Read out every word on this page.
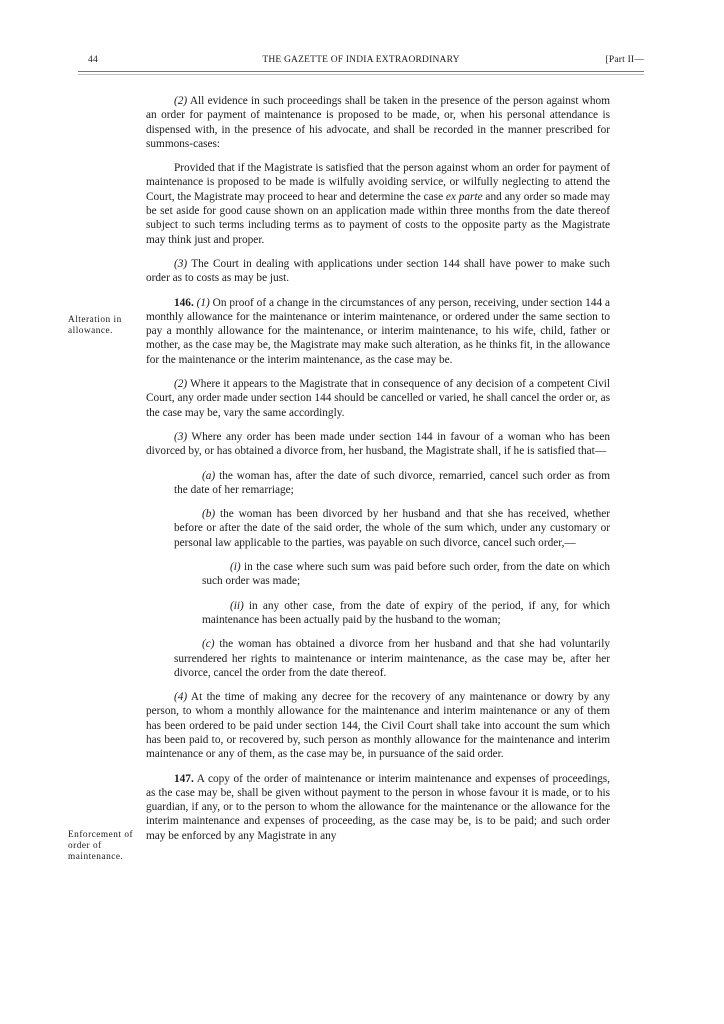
44	THE GAZETTE OF INDIA EXTRAORDINARY	[Part II—
Alteration in allowance.
Enforcement of order of maintenance.

(2) All evidence in such proceedings shall be taken in the presence of the person against whom an order for payment of maintenance is proposed to be made, or, when his personal attendance is dispensed with, in the presence of his advocate, and shall be recorded in the manner prescribed for summons-cases:

Provided that if the Magistrate is satisfied that the person against whom an order for payment of maintenance is proposed to be made is wilfully avoiding service, or wilfully neglecting to attend the Court, the Magistrate may proceed to hear and determine the case ex parte and any order so made may be set aside for good cause shown on an application made within three months from the date thereof subject to such terms including terms as to payment of costs to the opposite party as the Magistrate may think just and proper.

(3) The Court in dealing with applications under section 144 shall have power to make such order as to costs as may be just.

146. (1) On proof of a change in the circumstances of any person, receiving, under section 144 a monthly allowance for the maintenance or interim maintenance, or ordered under the same section to pay a monthly allowance for the maintenance, or interim maintenance, to his wife, child, father or mother, as the case may be, the Magistrate may make such alteration, as he thinks fit, in the allowance for the maintenance or the interim maintenance, as the case may be.

(2) Where it appears to the Magistrate that in consequence of any decision of a competent Civil Court, any order made under section 144 should be cancelled or varied, he shall cancel the order or, as the case may be, vary the same accordingly.

(3) Where any order has been made under section 144 in favour of a woman who has been divorced by, or has obtained a divorce from, her husband, the Magistrate shall, if he is satisfied that—

(a) the woman has, after the date of such divorce, remarried, cancel such order as from the date of her remarriage;

(b) the woman has been divorced by her husband and that she has received, whether before or after the date of the said order, the whole of the sum which, under any customary or personal law applicable to the parties, was payable on such divorce, cancel such order,—

(i) in the case where such sum was paid before such order, from the date on which such order was made;

(ii) in any other case, from the date of expiry of the period, if any, for which maintenance has been actually paid by the husband to the woman;

(c) the woman has obtained a divorce from her husband and that she had voluntarily surrendered her rights to maintenance or interim maintenance, as the case may be, after her divorce, cancel the order from the date thereof.

(4) At the time of making any decree for the recovery of any maintenance or dowry by any person, to whom a monthly allowance for the maintenance and interim maintenance or any of them has been ordered to be paid under section 144, the Civil Court shall take into account the sum which has been paid to, or recovered by, such person as monthly allowance for the maintenance and interim maintenance or any of them, as the case may be, in pursuance of the said order.

147. A copy of the order of maintenance or interim maintenance and expenses of proceedings, as the case may be, shall be given without payment to the person in whose favour it is made, or to his guardian, if any, or to the person to whom the allowance for the maintenance or the allowance for the interim maintenance and expenses of proceeding, as the case may be, is to be paid; and such order may be enforced by any Magistrate in any
